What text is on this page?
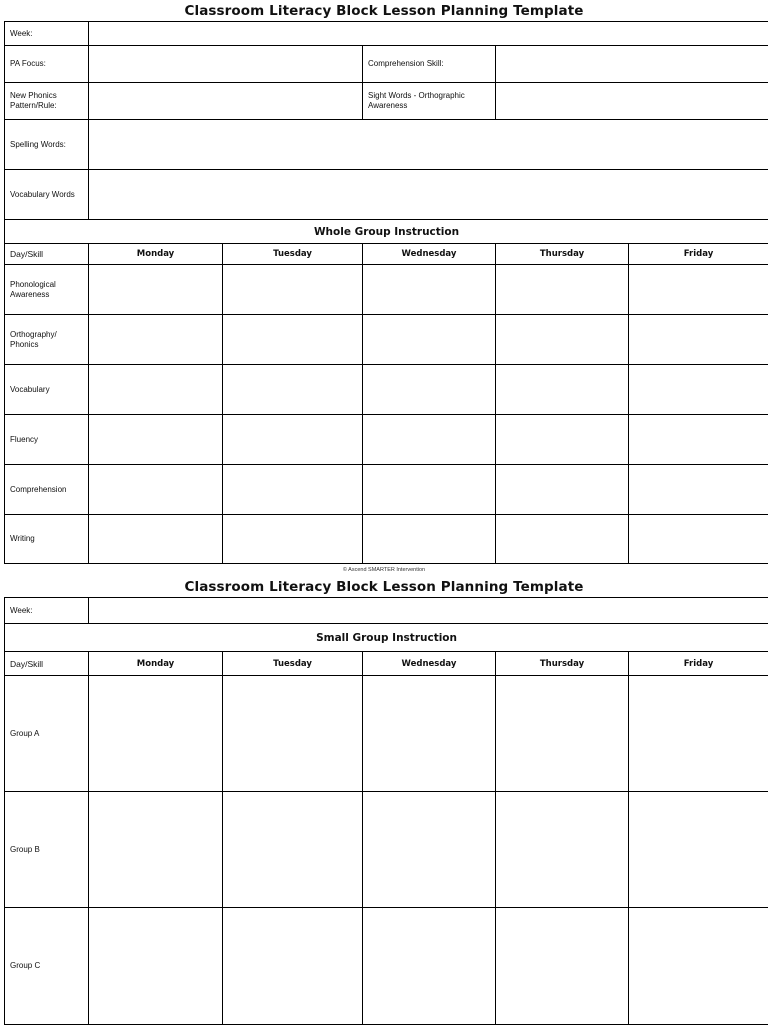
Classroom Literacy Block Lesson Planning Template
Week:			
PA Focus:		Comprehension Skill:	
New Phonics Pattern/Rule:		Sight Words - Orthographic Awareness	
Spelling Words:			
Vocabulary Words			
Whole Group Instruction					
Day/Skill	Monday	Tuesday	Wednesday	Thursday	Friday
Phonological Awareness					
Orthography/ Phonics					
Vocabulary					
Fluency					
Comprehension					
Writing					
© Ascend SMARTER Intervention
Classroom Literacy Block Lesson Planning Template
Week:					
Small Group Instruction					
Day/Skill	Monday	Tuesday	Wednesday	Thursday	Friday
Group A					
Group B					
Group C					
